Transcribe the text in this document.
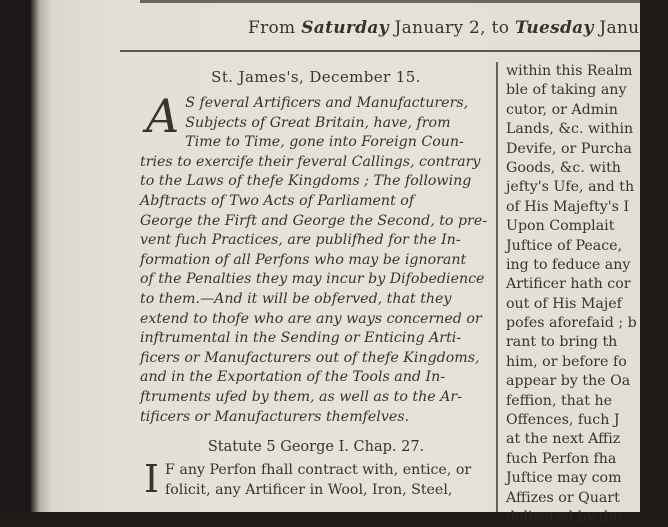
From Saturday January 2, to Tuesday Janu
St. James's, December 15.
A S feveral Artificers and Manufacturers,
Subjects of Great Britain, have, from
Time to Time, gone into Foreign Coun-
tries to exercife their feveral Callings, contrary
to the Laws of thefe Kingdoms ; The following
Abftracts of Two Acts of Parliament of
George the Firft and George the Second, to pre-
vent fuch Practices, are publifhed for the In-
formation of all Perfons who may be ignorant
of the Penalties they may incur by Difobedience
to them.—And it will be obferved, that they
extend to thofe who are any ways concerned or
inftrumental in the Sending or Enticing Arti-
ficers or Manufacturers out of thefe Kingdoms,
and in the Exportation of the Tools and In-
ftruments ufed by them, as well as to the Ar-
tificers or Manufacturers themfelves.
Statute 5 George I. Chap. 27.
I F any Perfon fhall contract with, entice, or
folicit, any Artificer in Wool, Iron, Steel,
within this Realm
ble of taking any
cutor, or Admin
Lands, &c. within
Devife, or Purcha
Goods, &c. with
jefty's Ufe, and th
of His Majefty's I
Upon Complait
Juftice of Peace,
ing to feduce any
Artificer hath cor
out of His Majef
pofes aforefaid ; b
rant to bring th
him, or before fo
appear by the Oa
feffion, that he
Offences, fuch J
at the next Affiz
fuch Perfon fha
Juftice may com
Affizes or Quart
delivered by due
